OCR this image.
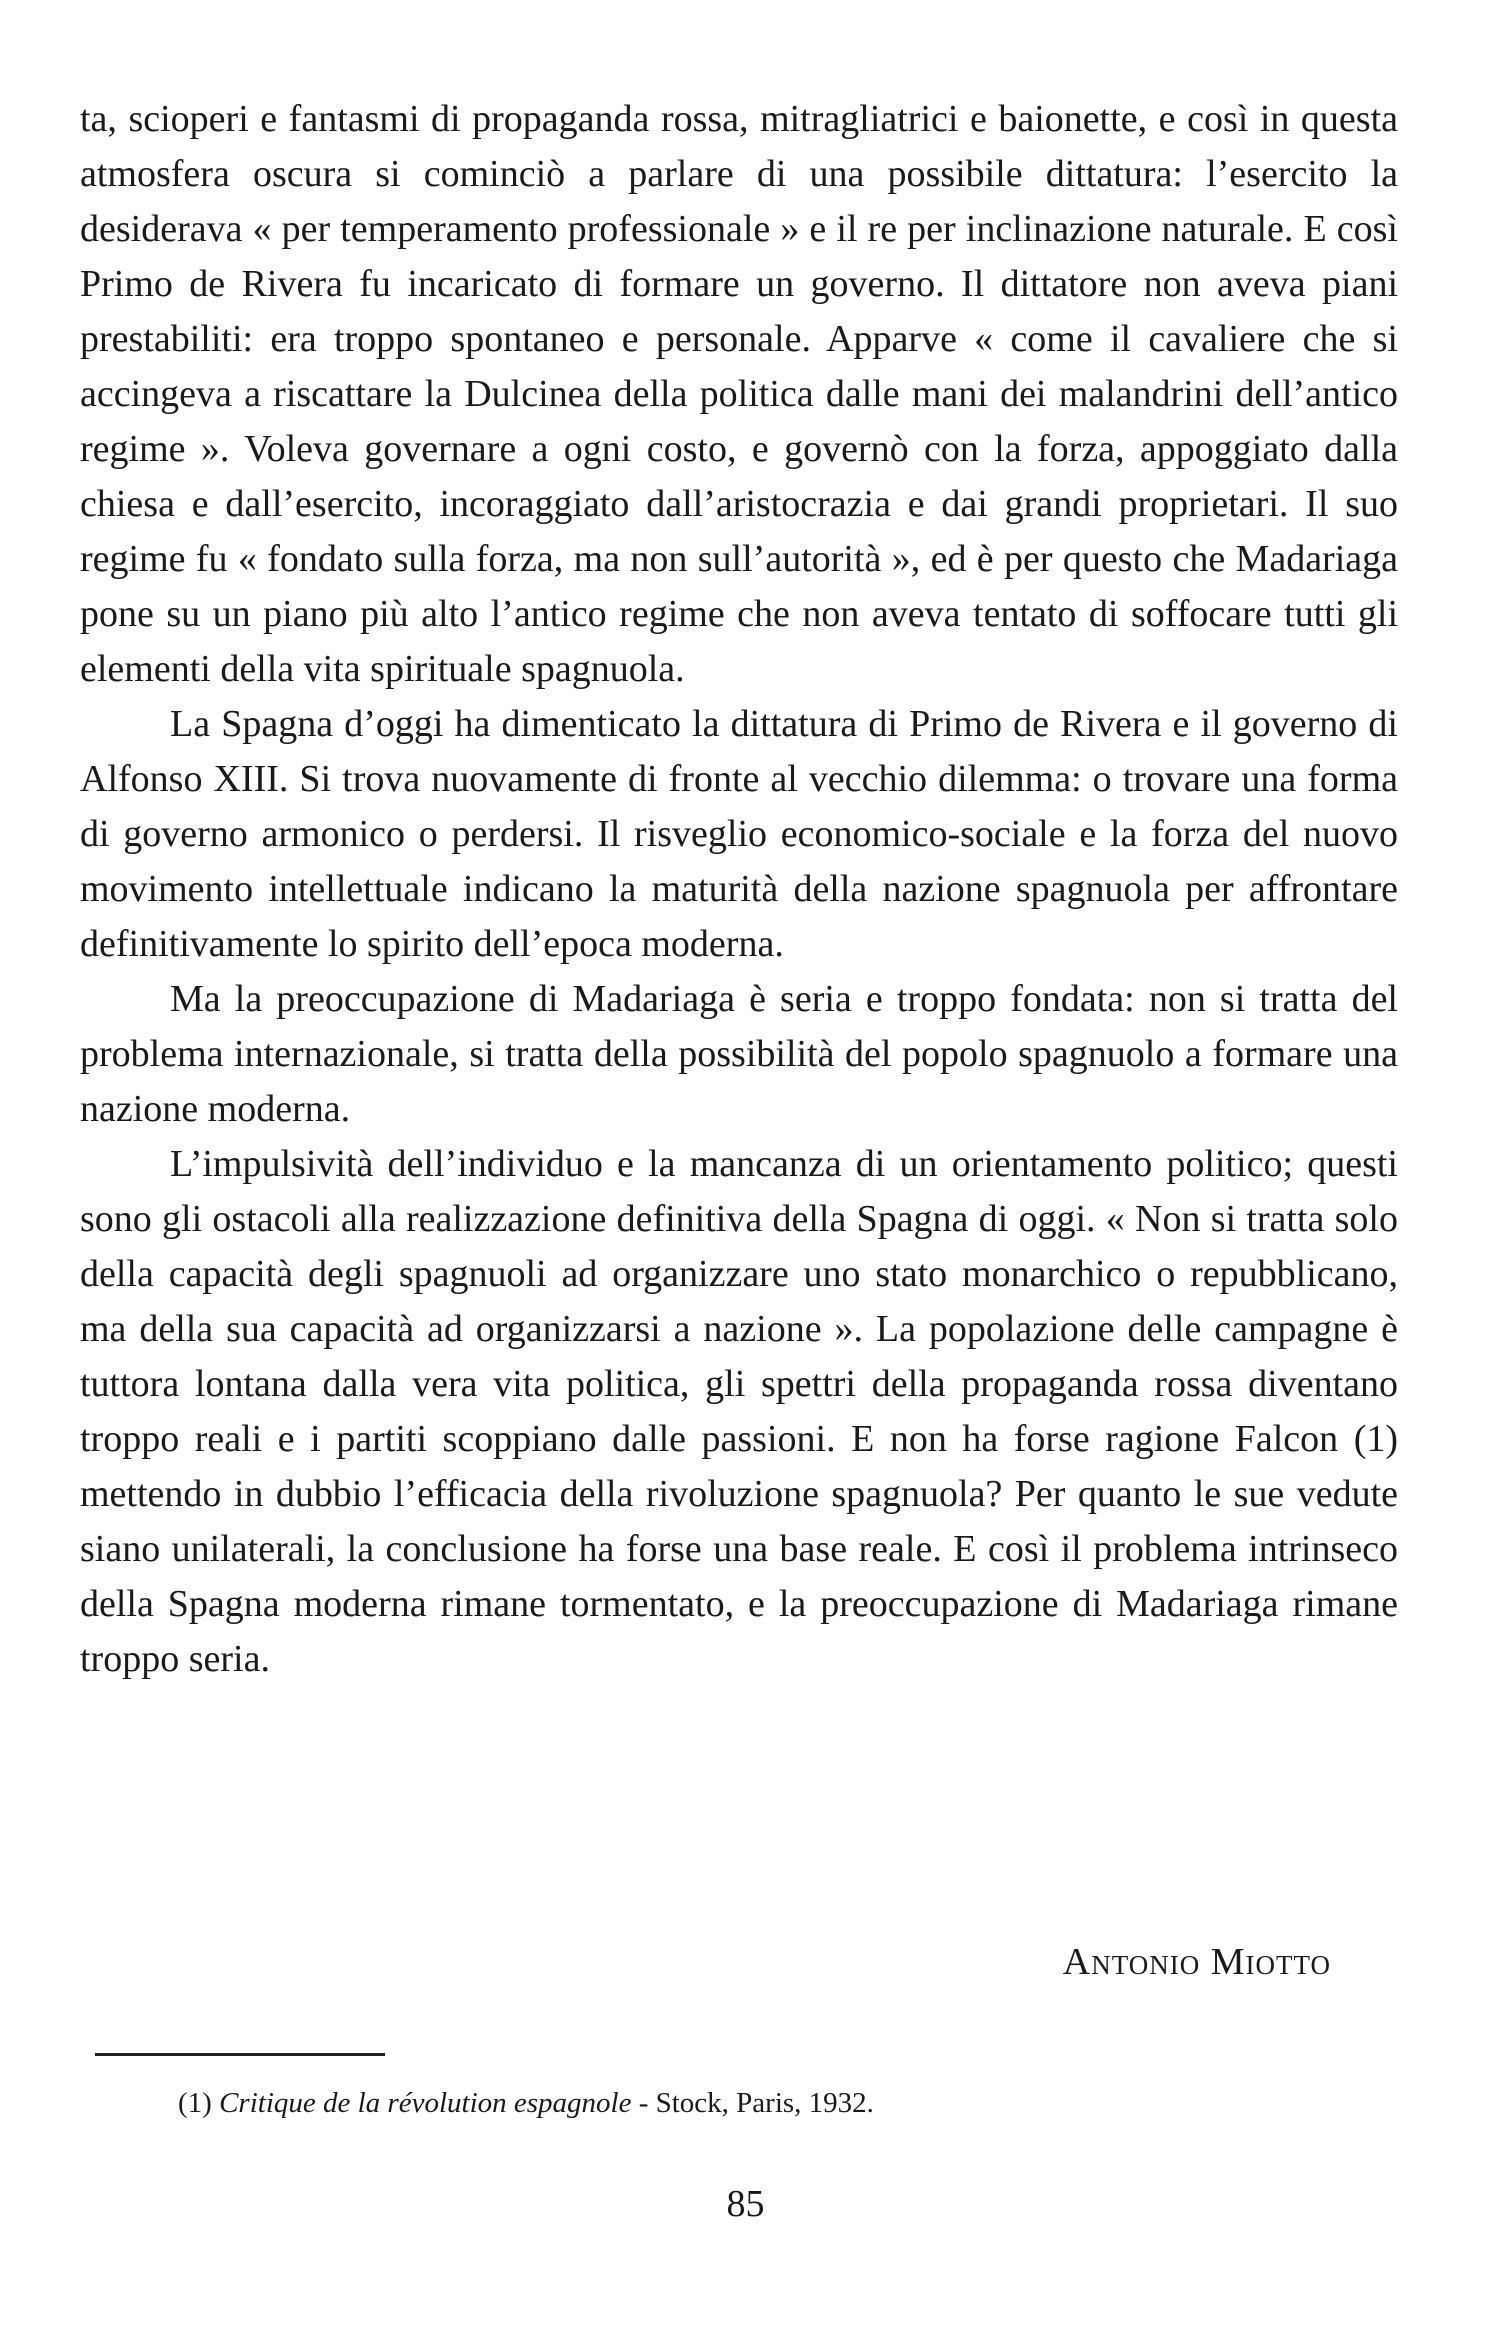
ta, scioperi e fantasmi di propaganda rossa, mitragliatrici e baionette, e così in questa atmosfera oscura si cominciò a parlare di una possibile dittatura: l’esercito la desiderava « per temperamento professionale » e il re per inclinazione naturale. E così Primo de Rivera fu incaricato di formare un governo. Il dittatore non aveva piani prestabiliti: era troppo spontaneo e personale. Apparve « come il cavaliere che si accingeva a riscattare la Dulcinea della politica dalle mani dei malandrini dell’antico regime ». Voleva governare a ogni costo, e governò con la forza, appoggiato dalla chiesa e dall’esercito, incoraggiato dall’aristocrazia e dai grandi proprietari. Il suo regime fu « fondato sulla forza, ma non sull’autorità », ed è per questo che Madariaga pone su un piano più alto l’antico regime che non aveva tentato di soffocare tutti gli elementi della vita spirituale spagnuola.

La Spagna d’oggi ha dimenticato la dittatura di Primo de Rivera e il governo di Alfonso XIII. Si trova nuovamente di fronte al vecchio dilemma: o trovare una forma di governo armonico o perdersi. Il risveglio economico-sociale e la forza del nuovo movimento intellettuale indicano la maturità della nazione spagnuola per affrontare definitivamente lo spirito dell’epoca moderna.

Ma la preoccupazione di Madariaga è seria e troppo fondata: non si tratta del problema internazionale, si tratta della possibilità del popolo spagnuolo a formare una nazione moderna.

L’impulsività dell’individuo e la mancanza di un orientamento politico; questi sono gli ostacoli alla realizzazione definitiva della Spagna di oggi. « Non si tratta solo della capacità degli spagnuoli ad organizzare uno stato monarchico o repubblicano, ma della sua capacità ad organizzarsi a nazione ». La popolazione delle campagne è tuttora lontana dalla vera vita politica, gli spettri della propaganda rossa diventano troppo reali e i partiti scoppiano dalle passioni. E non ha forse ragione Falcon (1) mettendo in dubbio l’efficacia della rivoluzione spagnuola? Per quanto le sue vedute siano unilaterali, la conclusione ha forse una base reale. E così il problema intrinseco della Spagna moderna rimane tormentato, e la preoccupazione di Madariaga rimane troppo seria.

Antonio Miotto
(1) Critique de la révolution espagnole - Stock, Paris, 1932.
85
